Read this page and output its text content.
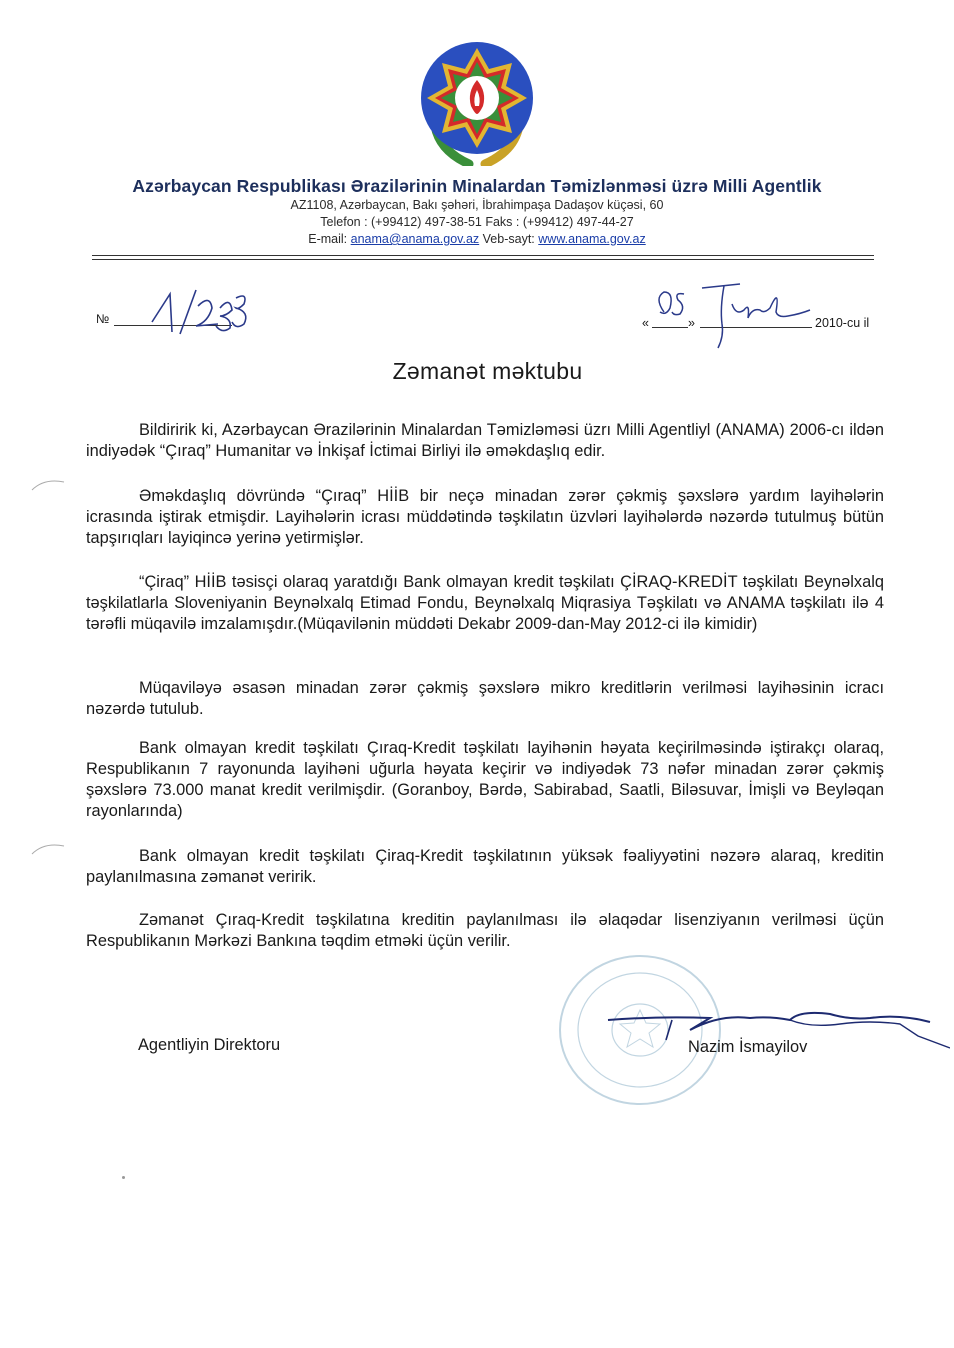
Azərbaycan Respublikası Ərazilərinin Minalardan Təmizlənməsi üzrə Milli Agentlik
AZ1108, Azərbaycan, Bakı şəhəri, İbrahimpaşa Dadaşov küçəsi, 60
Telefon : (+99412) 497-38-51 Faks : (+99412) 497-44-27
E-mail: anama@anama.gov.az Veb-sayt: www.anama.gov.az
№	«	»	2010-cu il
Zəmanət məktubu

Bildiririk ki, Azərbaycan Ərazilərinin Minalardan Təmizləməsi üzrı Milli Agentliyl (ANAMA) 2006-cı ildən indiyədək “Çıraq” Humanitar və İnkişaf İctimai Birliyi ilə əməkdaşlıq edir.

Əməkdaşlıq dövründə “Çıraq” HİİB bir neçə minadan zərər çəkmiş şəxslərə yardım layihələrin icrasında iştirak etmişdir. Layihələrin icrası müddətində təşkilatın üzvləri layihələrdə nəzərdə tutulmuş bütün tapşırıqları layiqincə yerinə yetirmişlər.

“Çiraq” HİİB təsisçi olaraq yaratdığı Bank olmayan kredit təşkilatı ÇİRAQ-KREDİT təşkilatı Beynəlxalq təşkilatlarla Sloveniyanin Beynəlxalq Etimad Fondu, Beynəlxalq Miqrasiya Təşkilatı və ANAMA təşkilatı ilə 4 tərəfli müqavilə imzalamışdır.(Müqavilənin müddəti Dekabr 2009-dan-May 2012-ci ilə kimidir)

Müqaviləyə əsasən minadan zərər çəkmiş şəxslərə mikro kreditlərin verilməsi layihəsinin icracı nəzərdə tutulub.

Bank olmayan kredit təşkilatı Çıraq-Kredit təşkilatı layihənin həyata keçirilməsində iştirakçı olaraq, Respublikanın 7 rayonunda layihəni uğurla həyata keçirir və indiyədək 73 nəfər minadan zərər çəkmiş şəxslərə 73.000 manat kredit verilmişdir. (Goranboy, Bərdə, Sabirabad, Saatli, Biləsuvar, İmişli və Beyləqan rayonlarında)

Bank olmayan kredit təşkilatı Çiraq-Kredit təşkilatının yüksək fəaliyyətini nəzərə alaraq, kreditin paylanılmasına zəmanət veririk.

Zəmanət Çıraq-Kredit təşkilatına kreditin paylanılması ilə əlaqədar lisenziyanın verilməsi üçün Respublikanın Mərkəzi Bankına təqdim etməki üçün verilir.

Agentliyin Direktoru	Nazim İsmayilov
